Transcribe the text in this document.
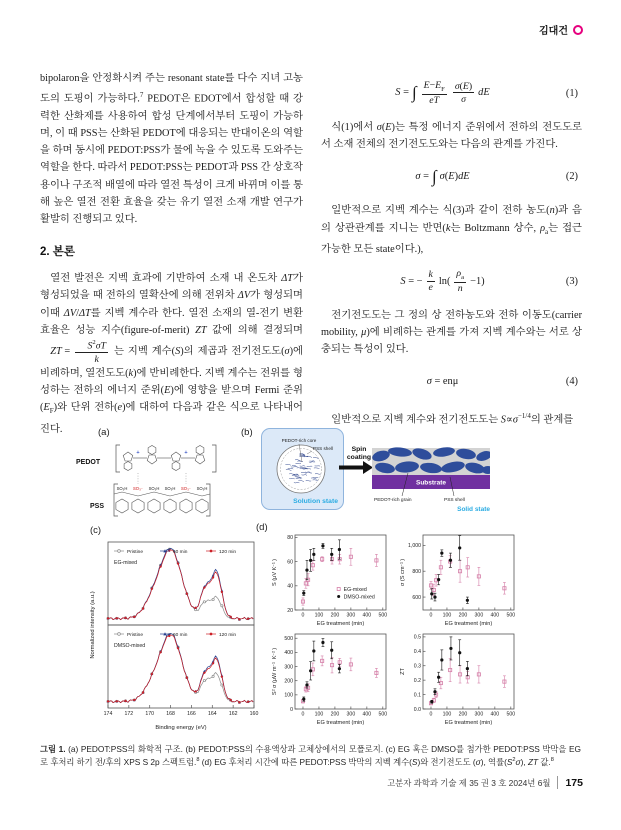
김대건

bipolaron을 안정화시켜 주는 resonant state를 다수 지녀 고농도의 도핑이 가능하다.$^7$ PEDOT은 EDOT에서 합성할 때 강력한 산화제를 사용하여 합성 단계에서부터 도핑이 가능하며, 이 때 PSS는 산화된 PEDOT에 대응되는 반대이온의 역할을 하며 동시에 PEDOT:PSS가 물에 녹을 수 있도록 도와주는 역할을 한다. 따라서 PEDOT:PSS는 PEDOT과 PSS 간 상호작용이나 구조적 배열에 따라 열전 특성이 크게 바뀌며 이를 통해 높은 열전 전환 효율을 갖는 유기 열전 소재 개발 연구가 활발히 진행되고 있다.

2. 본론

열전 발전은 지벡 효과에 기반하여 소재 내 온도차 ΔT가 형성되었을 때 전하의 열확산에 의해 전위차 ΔV가 형성되며 이때 ΔV/ΔT를 지벡 계수라 한다. 열전 소재의 열-전기 변환 효율은 성능 지수(figure-of-merit) ZT 값에 의해 결정되며
ZT = $\frac{S^2\sigma T}{k}$ 는 지벡 계수(S)의 제곱과 전기전도도(σ)에 비례하며, 열전도도(k)에 반비례한다. 지벡 계수는 전위를 형성하는 전하의 에너지 준위(E)에 영향을 받으며 Fermi 준위$(E_F)$와 단위 전하(e)에 대하여 다음과 같은 식으로 나타내어 진다.

S = ∫ $\frac{E-E_F}{eT} \frac{\sigma(E)}{\sigma}$ dE	(1)

식(1)에서 σ(E)는 특정 에너지 준위에서 전하의 전도도로서 소재 전체의 전기전도도와는 다음의 관계를 가진다.

σ = ∫ σ(E)dE	(2)

일반적으로 지벡 계수는 식(3)과 같이 전하 농도(n)과 음의 상관관계를 지니는 반면(k는 Boltzmann 상수, $\rho_a$는 접근 가능한 모든 state이다.),

S = − $\frac{k}{e} \ln( \frac{\rho_a}{n} -1)$	(3)

전기전도도는 그 정의 상 전하농도와 전하 이동도(carrier mobility, μ)에 비례하는 관계를 가져 지벡 계수와는 서로 상충되는 특성이 있다.

σ = enμ	(4)

일반적으로 지벡 계수와 전기전도도는 $S\propto\sigma^{-1/4}$의 관계를

(a)
PEDOT
PSS
+	+
SO₃H SO₃⁻ SO₃H SO₃H SO₃⁻ SO₃H
(b)
PEDOT-rich core
PSS shell
Solution state
Spin coating
Substrate
PEDOT-rich grain	PSS shell
Solid state
(c)
Pristine	60 min	120 min
EG-mixed
Pristine	60 min	120 min
DMSO-mixed
174 172 170 168 166 164 162 160
Binding energy (eV)
Normalized intensity (a.u.)
(d)
0 100 200 300 400 500
20
40
60
80
EG treatment (min)
S (μV $K^{-1}$ )
EG-mixed
DMSO-mixed
0 100 200 300 400 500
600
800
1,000
EG treatment (min)
σ (S $cm^{-1}$ )
0 100 200 300 400 500
0
100
200
300
400
500
EG treatment (min)
$S^2$ σ (μW $m^{-1}$  $K^{-2}$ )
0 100 200 300 400 500
0.0
0.1
0.2
0.3
0.4
0.5
EG treatment (min)
ZT

그림 1. (a) PEDOT:PSS의 화학적 구조. (b) PEDOT:PSS의 수용액상과 고체상에서의 모폴로지. (c) EG 혹은 DMSO를 첨가한 PEDOT:PSS 박막을 EG로 후처리 하기 전/후의 XPS S 2p 스펙트럼.$^8$ (d) EG 후처리 시간에 따른 PEDOT:PSS 박막의 지벡 계수(S)와 전기전도도 (σ), 역률$(S^2\sigma)$, ZT 값.$^8$

고분자 과학과 기술 제 35 권 3 호 2024년 6월 175
